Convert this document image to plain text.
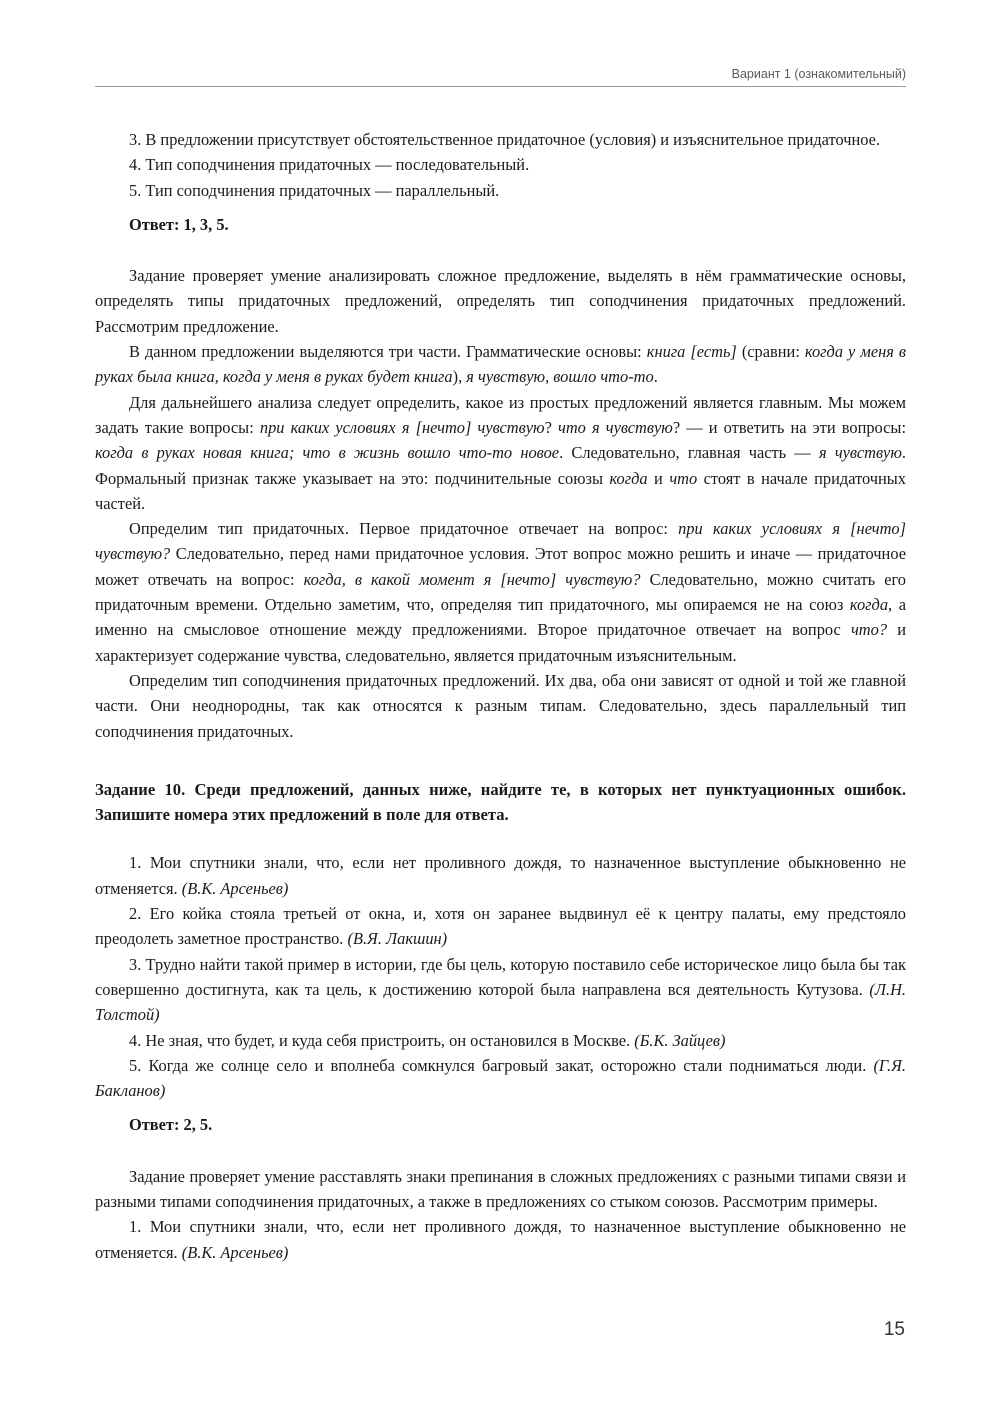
Вариант 1 (ознакомительный)

3. В предложении присутствует обстоятельственное придаточное (условия) и изъяснительное придаточное.

4. Тип соподчинения придаточных — последовательный.

5. Тип соподчинения придаточных — параллельный.

Ответ: 1, 3, 5.

Задание проверяет умение анализировать сложное предложение, выделять в нём грамматические основы, определять типы придаточных предложений, определять тип соподчинения придаточных предложений. Рассмотрим предложение.

В данном предложении выделяются три части. Грамматические основы: книга [есть] (сравни: когда у меня в руках была книга, когда у меня в руках будет книга), я чувствую, вошло что-то.

Для дальнейшего анализа следует определить, какое из простых предложений является главным. Мы можем задать такие вопросы: при каких условиях я [нечто] чувствую? что я чувствую? — и ответить на эти вопросы: когда в руках новая книга; что в жизнь вошло что-то новое. Следовательно, главная часть — я чувствую. Формальный признак также указывает на это: подчинительные союзы когда и что стоят в начале придаточных частей.

Определим тип придаточных. Первое придаточное отвечает на вопрос: при каких условиях я [нечто] чувствую? Следовательно, перед нами придаточное условия. Этот вопрос можно решить и иначе — придаточное может отвечать на вопрос: когда, в какой момент я [нечто] чувствую? Следовательно, можно считать его придаточным времени. Отдельно заметим, что, определяя тип придаточного, мы опираемся не на союз когда, а именно на смысловое отношение между предложениями. Второе придаточное отвечает на вопрос что? и характеризует содержание чувства, следовательно, является придаточным изъяснительным.

Определим тип соподчинения придаточных предложений. Их два, оба они зависят от одной и той же главной части. Они неоднородны, так как относятся к разным типам. Следовательно, здесь параллельный тип соподчинения придаточных.

Задание 10. Среди предложений, данных ниже, найдите те, в которых нет пунктуационных ошибок. Запишите номера этих предложений в поле для ответа.

1. Мои спутники знали, что, если нет проливного дождя, то назначенное выступление обыкновенно не отменяется. (В.К. Арсеньев)

2. Его койка стояла третьей от окна, и, хотя он заранее выдвинул её к центру палаты, ему предстояло преодолеть заметное пространство. (В.Я. Лакшин)

3. Трудно найти такой пример в истории, где бы цель, которую поставило себе историческое лицо была бы так совершенно достигнута, как та цель, к достижению которой была направлена вся деятельность Кутузова. (Л.Н. Толстой)

4. Не зная, что будет, и куда себя пристроить, он остановился в Москве. (Б.К. Зайцев)

5. Когда же солнце село и вполнеба сомкнулся багровый закат, осторожно стали подниматься люди. (Г.Я. Бакланов)

Ответ: 2, 5.

Задание проверяет умение расставлять знаки препинания в сложных предложениях с разными типами связи и разными типами соподчинения придаточных, а также в предложениях со стыком союзов. Рассмотрим примеры.

1. Мои спутники знали, что, если нет проливного дождя, то назначенное выступление обыкновенно не отменяется. (В.К. Арсеньев)

15
